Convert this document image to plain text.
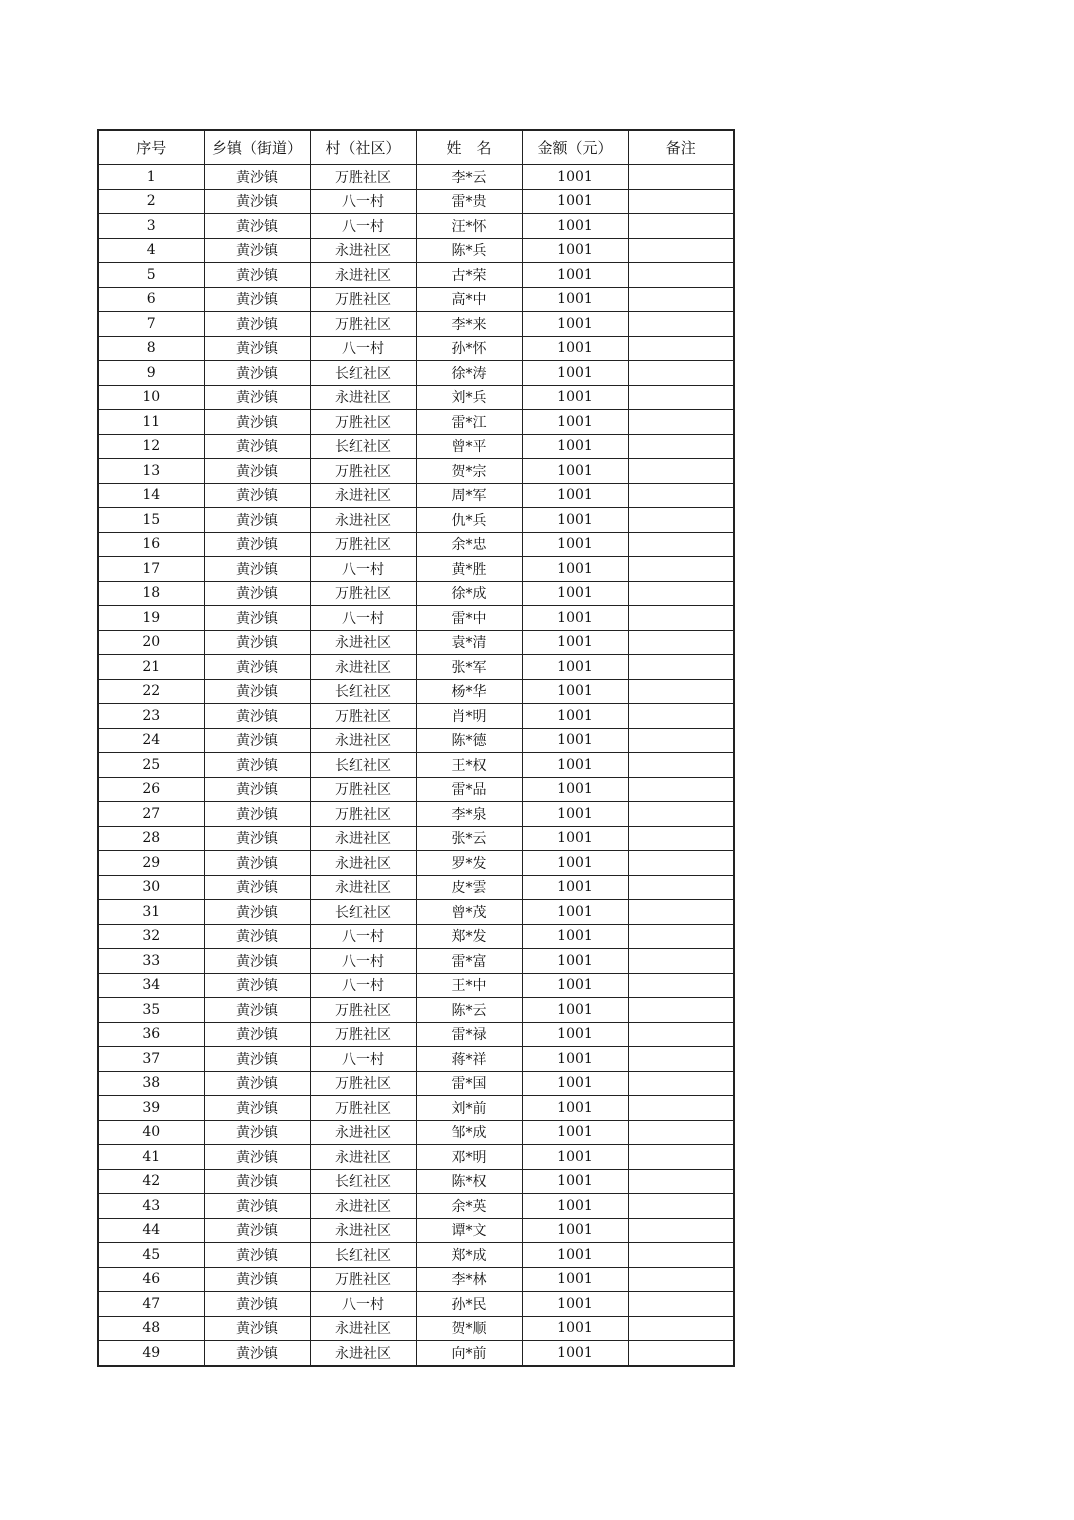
序号	乡镇（街道）	村（社区）	姓　名	金额（元）	备注
1	黄沙镇	万胜社区	李*云	1001	
2	黄沙镇	八一村	雷*贵	1001	
3	黄沙镇	八一村	汪*怀	1001	
4	黄沙镇	永进社区	陈*兵	1001	
5	黄沙镇	永进社区	古*荣	1001	
6	黄沙镇	万胜社区	高*中	1001	
7	黄沙镇	万胜社区	李*来	1001	
8	黄沙镇	八一村	孙*怀	1001	
9	黄沙镇	长红社区	徐*涛	1001	
10	黄沙镇	永进社区	刘*兵	1001	
11	黄沙镇	万胜社区	雷*江	1001	
12	黄沙镇	长红社区	曾*平	1001	
13	黄沙镇	万胜社区	贺*宗	1001	
14	黄沙镇	永进社区	周*军	1001	
15	黄沙镇	永进社区	仇*兵	1001	
16	黄沙镇	万胜社区	余*忠	1001	
17	黄沙镇	八一村	黄*胜	1001	
18	黄沙镇	万胜社区	徐*成	1001	
19	黄沙镇	八一村	雷*中	1001	
20	黄沙镇	永进社区	袁*清	1001	
21	黄沙镇	永进社区	张*军	1001	
22	黄沙镇	长红社区	杨*华	1001	
23	黄沙镇	万胜社区	肖*明	1001	
24	黄沙镇	永进社区	陈*德	1001	
25	黄沙镇	长红社区	王*权	1001	
26	黄沙镇	万胜社区	雷*品	1001	
27	黄沙镇	万胜社区	李*泉	1001	
28	黄沙镇	永进社区	张*云	1001	
29	黄沙镇	永进社区	罗*发	1001	
30	黄沙镇	永进社区	皮*雲	1001	
31	黄沙镇	长红社区	曾*茂	1001	
32	黄沙镇	八一村	郑*发	1001	
33	黄沙镇	八一村	雷*富	1001	
34	黄沙镇	八一村	王*中	1001	
35	黄沙镇	万胜社区	陈*云	1001	
36	黄沙镇	万胜社区	雷*禄	1001	
37	黄沙镇	八一村	蒋*祥	1001	
38	黄沙镇	万胜社区	雷*国	1001	
39	黄沙镇	万胜社区	刘*前	1001	
40	黄沙镇	永进社区	邹*成	1001	
41	黄沙镇	永进社区	邓*明	1001	
42	黄沙镇	长红社区	陈*权	1001	
43	黄沙镇	永进社区	余*英	1001	
44	黄沙镇	永进社区	谭*文	1001	
45	黄沙镇	长红社区	郑*成	1001	
46	黄沙镇	万胜社区	李*林	1001	
47	黄沙镇	八一村	孙*民	1001	
48	黄沙镇	永进社区	贺*顺	1001	
49	黄沙镇	永进社区	向*前	1001	
